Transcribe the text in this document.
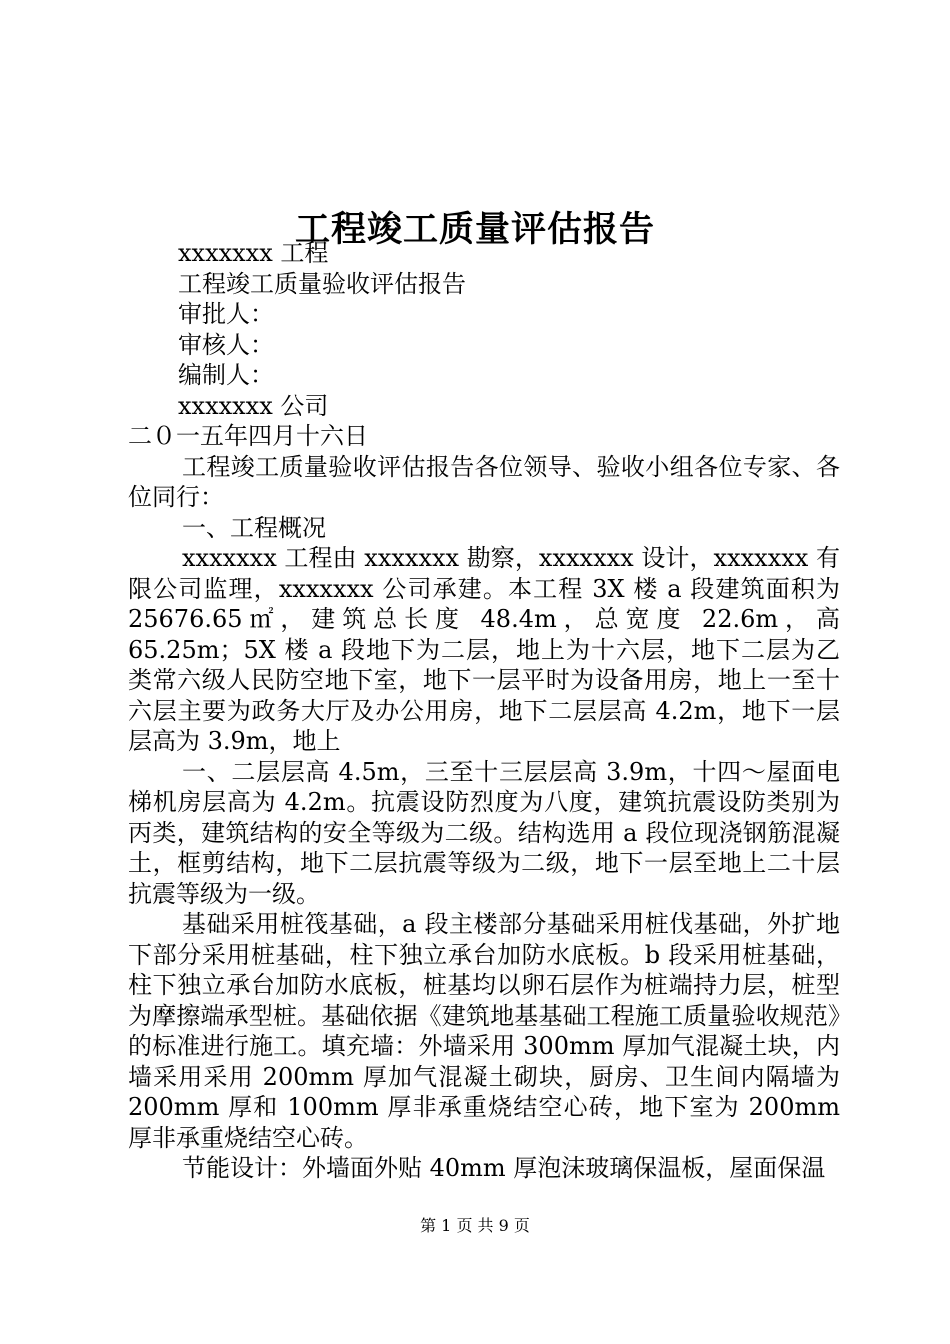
工程竣工质量评估报告

xxxxxxx 工程

工程竣工质量验收评估报告

审批人：

审核人：

编制人：

xxxxxxx 公司

二０一五年四月十六日

工程竣工质量验收评估报告各位领导、验收小组各位专家、各位同行：

一、工程概况

xxxxxxx 工程由 xxxxxxx 勘察，xxxxxxx 设计，xxxxxxx 有限公司监理，xxxxxxx 公司承建。本工程 3X 楼 a 段建筑面积为 25676.65㎡，建筑总长度 48.4m，总宽度 22.6m，高 65.25m；5X 楼 a 段地下为二层，地上为十六层，地下二层为乙类常六级人民防空地下室，地下一层平时为设备用房，地上一至十六层主要为政务大厅及办公用房，地下二层层高 4.2m，地下一层层高为 3.9m，地上

一、二层层高 4.5m，三至十三层层高 3.9m，十四～屋面电梯机房层高为 4.2m。抗震设防烈度为八度，建筑抗震设防类别为丙类，建筑结构的安全等级为二级。结构选用 a 段位现浇钢筋混凝土，框剪结构，地下二层抗震等级为二级，地下一层至地上二十层抗震等级为一级。

基础采用桩筏基础，a 段主楼部分基础采用桩伐基础，外扩地下部分采用桩基础，柱下独立承台加防水底板。b 段采用桩基础，柱下独立承台加防水底板，桩基均以卵石层作为桩端持力层，桩型为摩擦端承型桩。基础依据《建筑地基基础工程施工质量验收规范》的标准进行施工。填充墙：外墙采用 300mm 厚加气混凝土块，内墙采用采用 200mm 厚加气混凝土砌块，厨房、卫生间内隔墙为 200mm 厚和 100mm 厚非承重烧结空心砖，地下室为 200mm 厚非承重烧结空心砖。

节能设计：外墙面外贴 40mm 厚泡沫玻璃保温板，屋面保温

第 1 页 共 9 页
